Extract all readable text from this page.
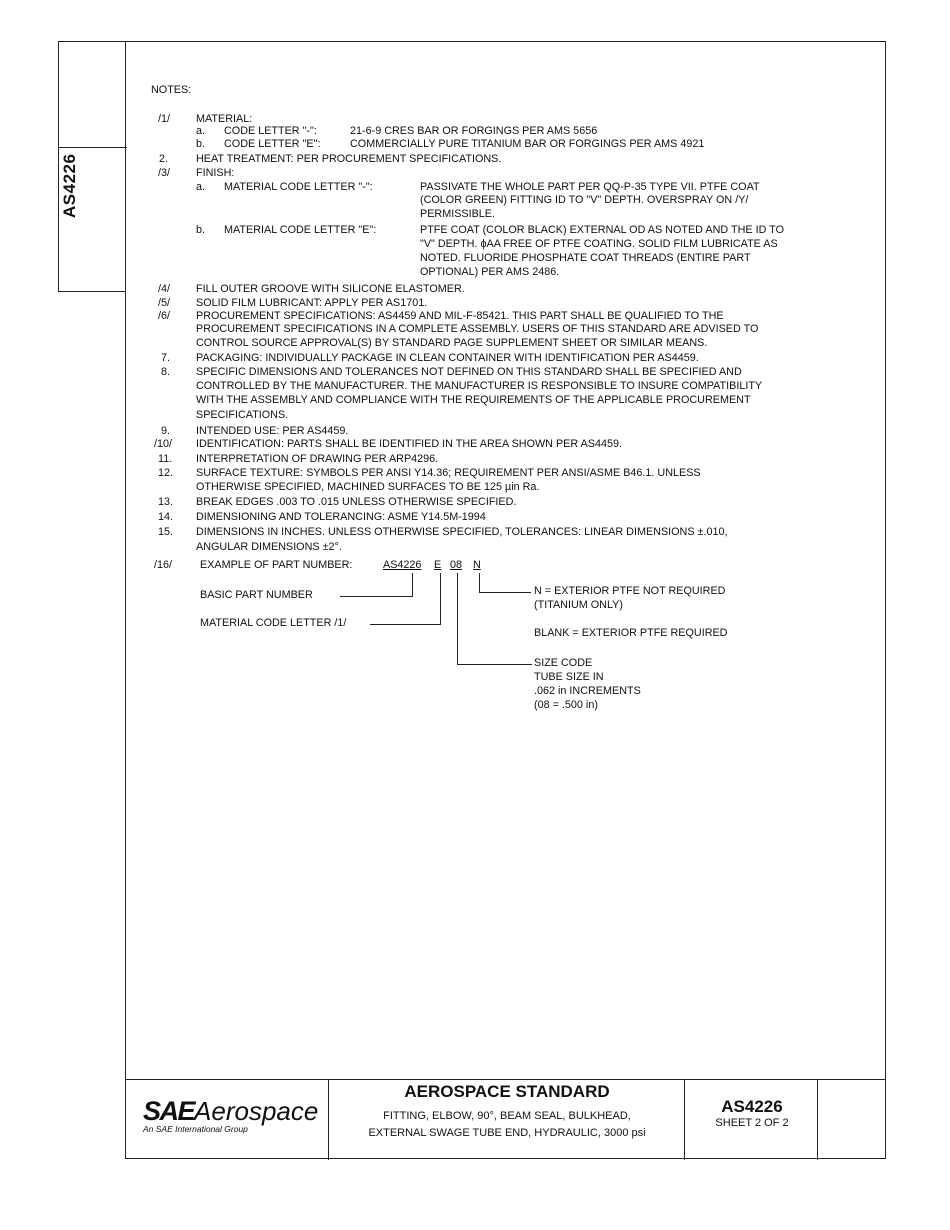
AS4226
NOTES:
/1/ MATERIAL:
a. CODE LETTER "-":	21-6-9 CRES BAR OR FORGINGS PER AMS 5656
b. CODE LETTER "E":	COMMERCIALLY PURE TITANIUM BAR OR FORGINGS PER AMS 4921
2.	HEAT TREATMENT: PER PROCUREMENT SPECIFICATIONS.
/3/ FINISH:
a. MATERIAL CODE LETTER "-":	PASSIVATE THE WHOLE PART PER QQ-P-35 TYPE VII. PTFE COAT
(COLOR GREEN) FITTING ID TO "V" DEPTH. OVERSPRAY ON /Y/
PERMISSIBLE.
b. MATERIAL CODE LETTER "E":	PTFE COAT (COLOR BLACK) EXTERNAL OD AS NOTED AND THE ID TO
"V" DEPTH. ϕAA FREE OF PTFE COATING. SOLID FILM LUBRICATE AS
NOTED. FLUORIDE PHOSPHATE COAT THREADS (ENTIRE PART
OPTIONAL) PER AMS 2486.
/4/ FILL OUTER GROOVE WITH SILICONE ELASTOMER.
/5/ SOLID FILM LUBRICANT: APPLY PER AS1701.
/6/ PROCUREMENT SPECIFICATIONS: AS4459 AND MIL-F-85421. THIS PART SHALL BE QUALIFIED TO THE
PROCUREMENT SPECIFICATIONS IN A COMPLETE ASSEMBLY. USERS OF THIS STANDARD ARE ADVISED TO
CONTROL SOURCE APPROVAL(S) BY STANDARD PAGE SUPPLEMENT SHEET OR SIMILAR MEANS.
7. PACKAGING: INDIVIDUALLY PACKAGE IN CLEAN CONTAINER WITH IDENTIFICATION PER AS4459.
8. SPECIFIC DIMENSIONS AND TOLERANCES NOT DEFINED ON THIS STANDARD SHALL BE SPECIFIED AND
CONTROLLED BY THE MANUFACTURER. THE MANUFACTURER IS RESPONSIBLE TO INSURE COMPATIBILITY
WITH THE ASSEMBLY AND COMPLIANCE WITH THE REQUIREMENTS OF THE APPLICABLE PROCUREMENT
SPECIFICATIONS.
9. INTENDED USE: PER AS4459.
/10/ IDENTIFICATION: PARTS SHALL BE IDENTIFIED IN THE AREA SHOWN PER AS4459.
11. INTERPRETATION OF DRAWING PER ARP4296.
12. SURFACE TEXTURE: SYMBOLS PER ANSI Y14.36; REQUIREMENT PER ANSI/ASME B46.1. UNLESS
OTHERWISE SPECIFIED, MACHINED SURFACES TO BE 125 µin Ra.
13. BREAK EDGES .003 TO .015 UNLESS OTHERWISE SPECIFIED.
14. DIMENSIONING AND TOLERANCING: ASME Y14.5M-1994
15. DIMENSIONS IN INCHES. UNLESS OTHERWISE SPECIFIED, TOLERANCES: LINEAR DIMENSIONS ±.010,
ANGULAR DIMENSIONS ±2°.
/16/	EXAMPLE OF PART NUMBER:	AS4226 E 08 N
BASIC PART NUMBER
MATERIAL CODE LETTER /1/
N = EXTERIOR PTFE NOT REQUIRED
(TITANIUM ONLY)
BLANK = EXTERIOR PTFE REQUIRED
SIZE CODE
TUBE SIZE IN
.062 in INCREMENTS
(08 = .500 in)
SAEAerospace
An SAE International Group
AEROSPACE STANDARD
FITTING, ELBOW, 90°, BEAM SEAL, BULKHEAD,
EXTERNAL SWAGE TUBE END, HYDRAULIC, 3000 psi
AS4226
SHEET 2 OF 2
